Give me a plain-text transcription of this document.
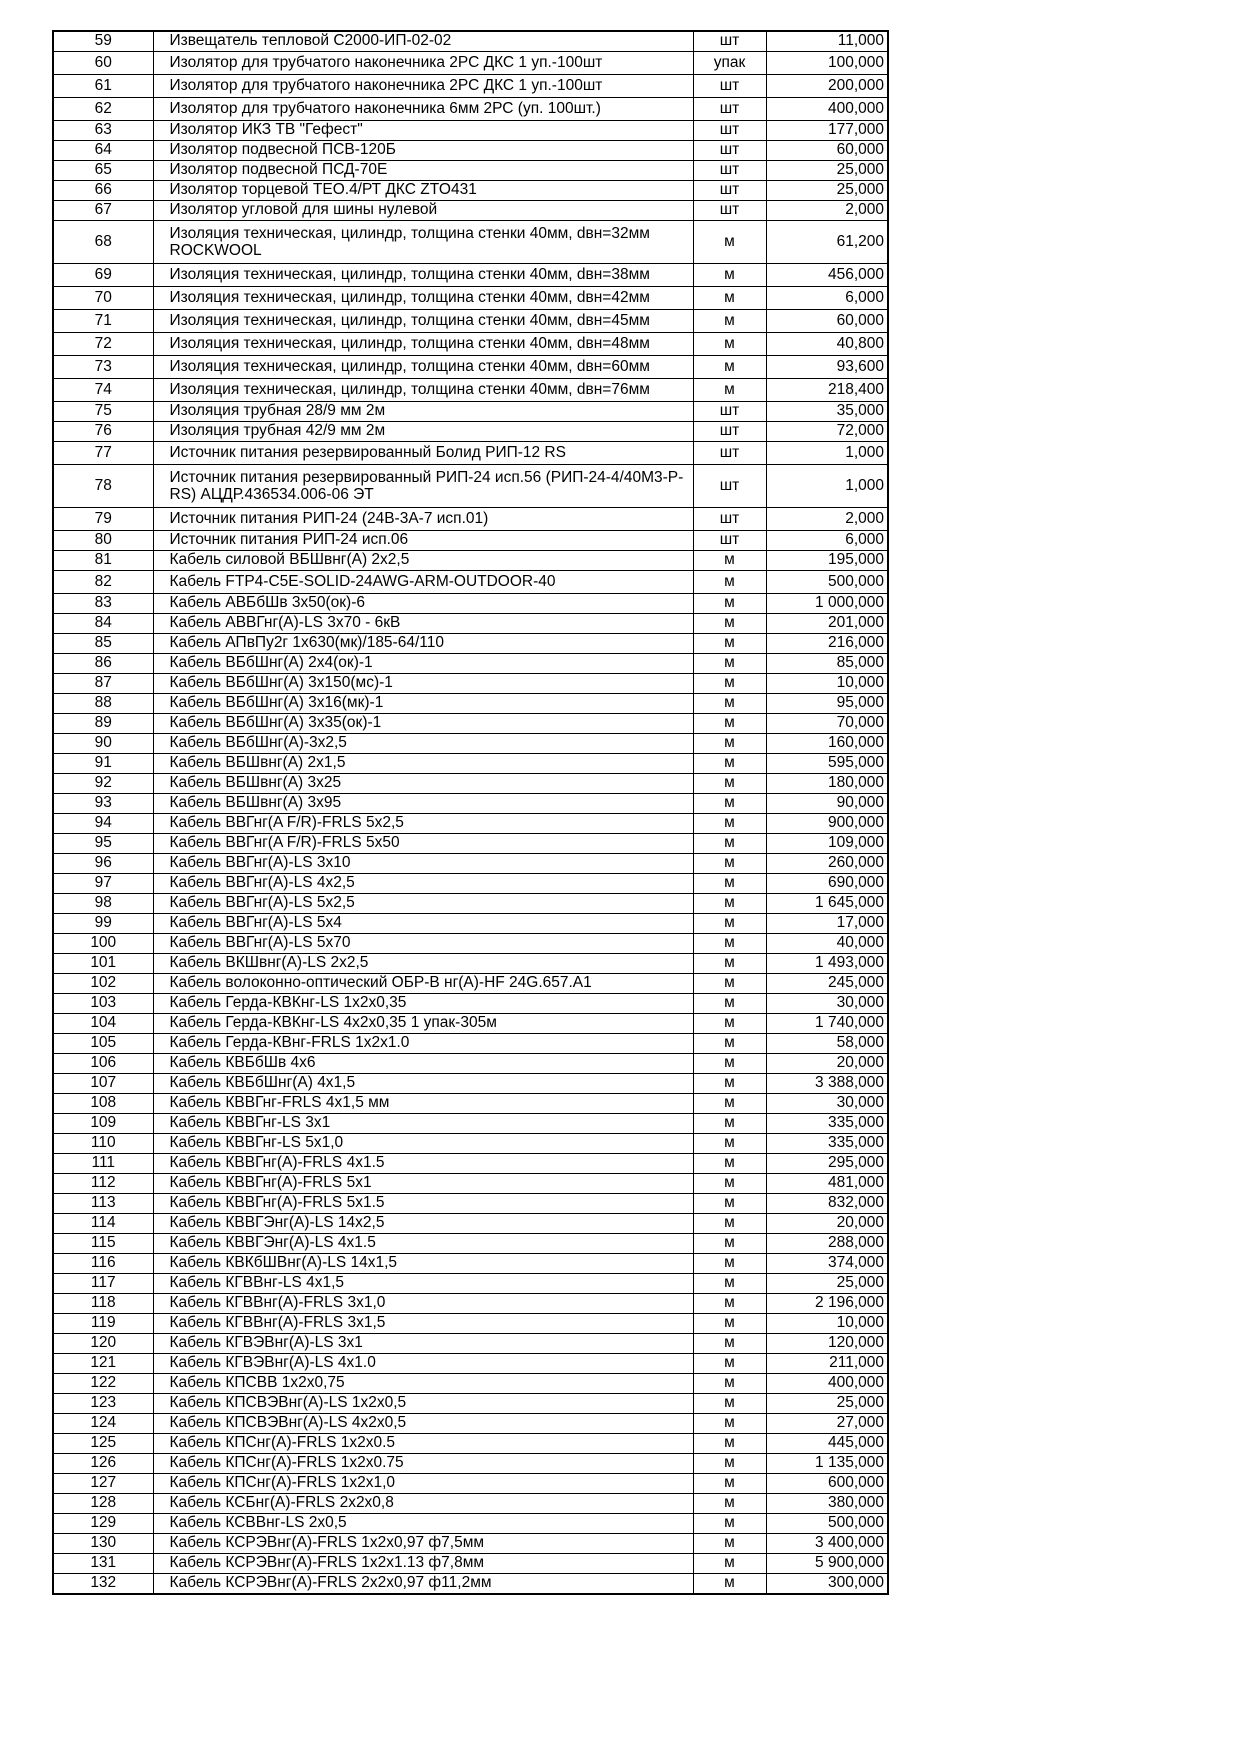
59	Извещатель тепловой С2000-ИП-02-02	шт	11,000
60	Изолятор для трубчатого наконечника 2РС ДКС 1 уп.-100шт	упак	100,000
61	Изолятор для трубчатого наконечника 2РС ДКС 1 уп.-100шт	шт	200,000
62	Изолятор для трубчатого наконечника 6мм 2РС (уп. 100шт.)	шт	400,000
63	Изолятор ИКЗ ТВ "Гефест"	шт	177,000
64	Изолятор подвесной ПСВ-120Б	шт	60,000
65	Изолятор подвесной ПСД-70Е	шт	25,000
66	Изолятор торцевой ТЕО.4/РТ ДКС ZTO431	шт	25,000
67	Изолятор угловой для шины нулевой	шт	2,000
68	Изоляция техническая, цилиндр, толщина стенки 40мм, dвн=32мм ROCKWOOL	м	61,200
69	Изоляция техническая, цилиндр, толщина стенки 40мм, dвн=38мм	м	456,000
70	Изоляция техническая, цилиндр, толщина стенки 40мм, dвн=42мм	м	6,000
71	Изоляция техническая, цилиндр, толщина стенки 40мм, dвн=45мм	м	60,000
72	Изоляция техническая, цилиндр, толщина стенки 40мм, dвн=48мм	м	40,800
73	Изоляция техническая, цилиндр, толщина стенки 40мм, dвн=60мм	м	93,600
74	Изоляция техническая, цилиндр, толщина стенки 40мм, dвн=76мм	м	218,400
75	Изоляция трубная 28/9 мм 2м	шт	35,000
76	Изоляция трубная 42/9 мм 2м	шт	72,000
77	Источник питания резервированный Болид РИП-12 RS	шт	1,000
78	Источник питания резервированный РИП-24 исп.56 (РИП-24-4/40М3-Р-RS) АЦДР.436534.006-06 ЭТ	шт	1,000
79	Источник питания РИП-24 (24В-3А-7 исп.01)	шт	2,000
80	Источник питания РИП-24 исп.06	шт	6,000
81	Кабель силовой ВБШвнг(А) 2х2,5	м	195,000
82	Кабель FTP4-C5E-SOLID-24AWG-ARM-OUTDOOR-40	м	500,000
83	Кабель АВБбШв 3х50(ок)-6	м	1 000,000
84	Кабель АВВГнг(А)-LS 3х70 - 6кВ	м	201,000
85	Кабель АПвПу2г 1х630(мк)/185-64/110	м	216,000
86	Кабель ВБбШнг(А) 2х4(ок)-1	м	85,000
87	Кабель ВБбШнг(А) 3х150(мс)-1	м	10,000
88	Кабель ВБбШнг(А) 3х16(мк)-1	м	95,000
89	Кабель ВБбШнг(А) 3х35(ок)-1	м	70,000
90	Кабель ВБбШнг(А)-3х2,5	м	160,000
91	Кабель ВБШвнг(А) 2х1,5	м	595,000
92	Кабель ВБШвнг(А) 3х25	м	180,000
93	Кабель ВБШвнг(А) 3х95	м	90,000
94	Кабель ВВГнг(A F/R)-FRLS 5х2,5	м	900,000
95	Кабель ВВГнг(A F/R)-FRLS 5х50	м	109,000
96	Кабель ВВГнг(А)-LS 3х10	м	260,000
97	Кабель ВВГнг(А)-LS 4х2,5	м	690,000
98	Кабель ВВГнг(А)-LS 5х2,5	м	1 645,000
99	Кабель ВВГнг(А)-LS 5х4	м	17,000
100	Кабель ВВГнг(А)-LS 5х70	м	40,000
101	Кабель ВКШвнг(А)-LS 2х2,5	м	1 493,000
102	Кабель волоконно-оптический ОБР-В нг(А)-HF 24G.657.A1	м	245,000
103	Кабель Герда-КВКнг-LS 1х2х0,35	м	30,000
104	Кабель Герда-КВКнг-LS 4х2х0,35 1 упак-305м	м	1 740,000
105	Кабель Герда-КВнг-FRLS 1х2х1.0	м	58,000
106	Кабель КВБбШв 4х6	м	20,000
107	Кабель КВБбШнг(А) 4х1,5	м	3 388,000
108	Кабель КВВГнг-FRLS 4х1,5 мм	м	30,000
109	Кабель КВВГнг-LS 3х1	м	335,000
110	Кабель КВВГнг-LS 5х1,0	м	335,000
111	Кабель КВВГнг(А)-FRLS 4х1.5	м	295,000
112	Кабель КВВГнг(А)-FRLS 5х1	м	481,000
113	Кабель КВВГнг(А)-FRLS 5х1.5	м	832,000
114	Кабель КВВГЭнг(А)-LS 14х2,5	м	20,000
115	Кабель КВВГЭнг(А)-LS 4х1.5	м	288,000
116	Кабель КВКбШВнг(А)-LS 14х1,5	м	374,000
117	Кабель КГВВнг-LS 4х1,5	м	25,000
118	Кабель КГВВнг(А)-FRLS 3х1,0	м	2 196,000
119	Кабель КГВВнг(А)-FRLS 3х1,5	м	10,000
120	Кабель КГВЭВнг(А)-LS 3х1	м	120,000
121	Кабель КГВЭВнг(А)-LS 4х1.0	м	211,000
122	Кабель КПСВВ 1х2х0,75	м	400,000
123	Кабель КПСВЭВнг(А)-LS 1х2х0,5	м	25,000
124	Кабель КПСВЭВнг(А)-LS 4х2х0,5	м	27,000
125	Кабель КПСнг(А)-FRLS 1х2х0.5	м	445,000
126	Кабель КПСнг(А)-FRLS 1х2х0.75	м	1 135,000
127	Кабель КПСнг(А)-FRLS 1х2х1,0	м	600,000
128	Кабель КСБнг(А)-FRLS 2х2х0,8	м	380,000
129	Кабель КСВВнг-LS 2х0,5	м	500,000
130	Кабель КСРЭВнг(А)-FRLS 1х2х0,97 ф7,5мм	м	3 400,000
131	Кабель КСРЭВнг(А)-FRLS 1х2х1.13 ф7,8мм	м	5 900,000
132	Кабель КСРЭВнг(А)-FRLS 2х2х0,97 ф11,2мм	м	300,000
